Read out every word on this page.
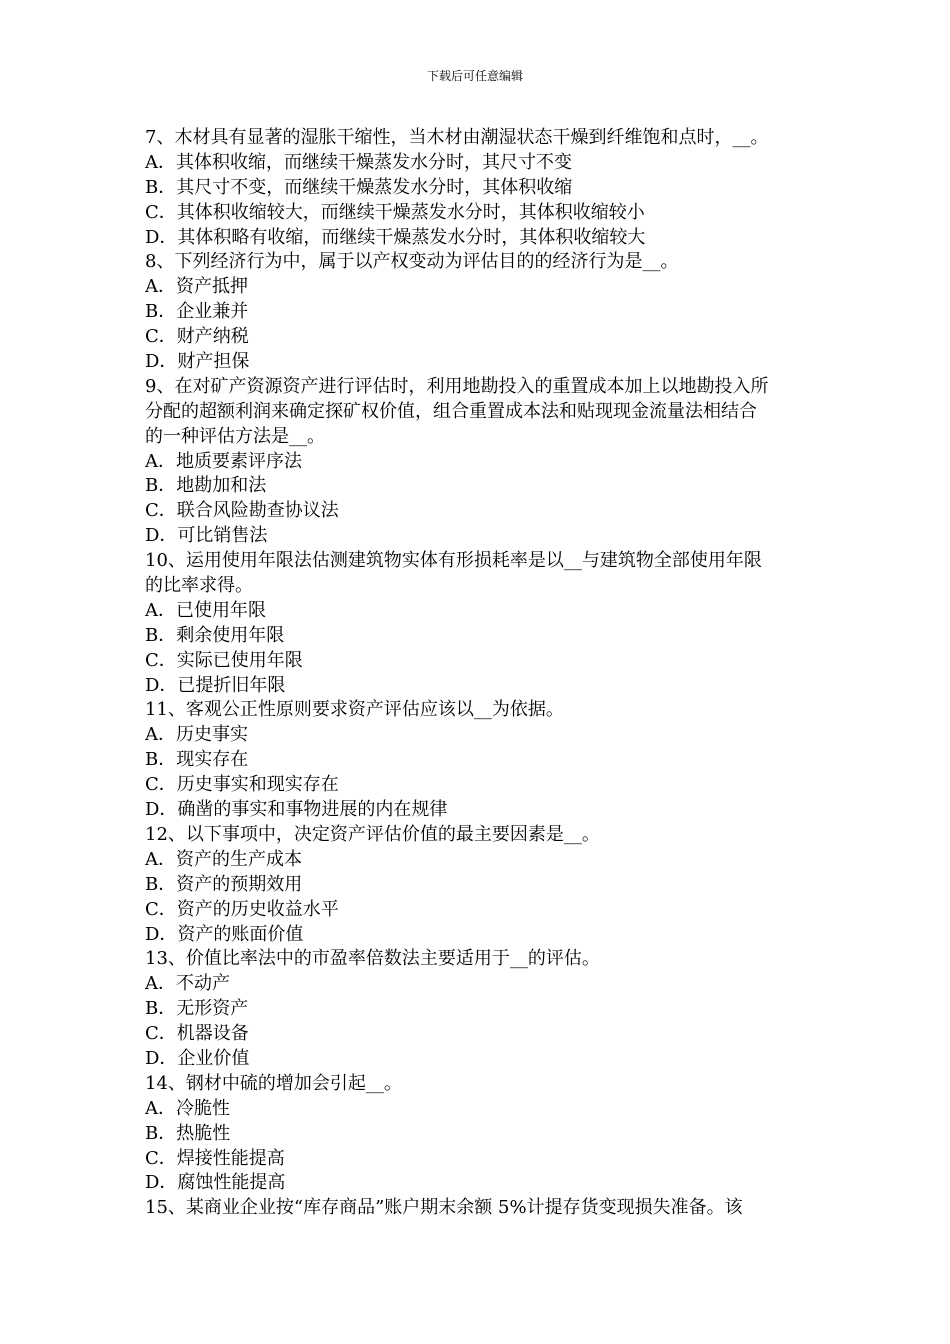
下载后可任意编辑
7、木材具有显著的湿胀干缩性，当木材由潮湿状态干燥到纤维饱和点时，__。
A．其体积收缩，而继续干燥蒸发水分时，其尺寸不变
B．其尺寸不变，而继续干燥蒸发水分时，其体积收缩
C．其体积收缩较大，而继续干燥蒸发水分时，其体积收缩较小
D．其体积略有收缩，而继续干燥蒸发水分时，其体积收缩较大
8、下列经济行为中，属于以产权变动为评估目的的经济行为是__。
A．资产抵押
B．企业兼并
C．财产纳税
D．财产担保
9、在对矿产资源资产进行评估时，利用地勘投入的重置成本加上以地勘投入所
分配的超额利润来确定探矿权价值，组合重置成本法和贴现现金流量法相结合
的一种评估方法是__。
A．地质要素评序法
B．地勘加和法
C．联合风险勘查协议法
D．可比销售法
10、运用使用年限法估测建筑物实体有形损耗率是以__与建筑物全部使用年限
的比率求得。
A．已使用年限
B．剩余使用年限
C．实际已使用年限
D．已提折旧年限
11、客观公正性原则要求资产评估应该以__为依据。
A．历史事实
B．现实存在
C．历史事实和现实存在
D．确凿的事实和事物进展的内在规律
12、以下事项中，决定资产评估价值的最主要因素是__。
A．资产的生产成本
B．资产的预期效用
C．资产的历史收益水平
D．资产的账面价值
13、价值比率法中的市盈率倍数法主要适用于__的评估。
A．不动产
B．无形资产
C．机器设备
D．企业价值
14、钢材中硫的增加会引起__。
A．冷脆性
B．热脆性
C．焊接性能提高
D．腐蚀性能提高
15、某商业企业按“库存商品”账户期末余额 5%计提存货变现损失准备。该
